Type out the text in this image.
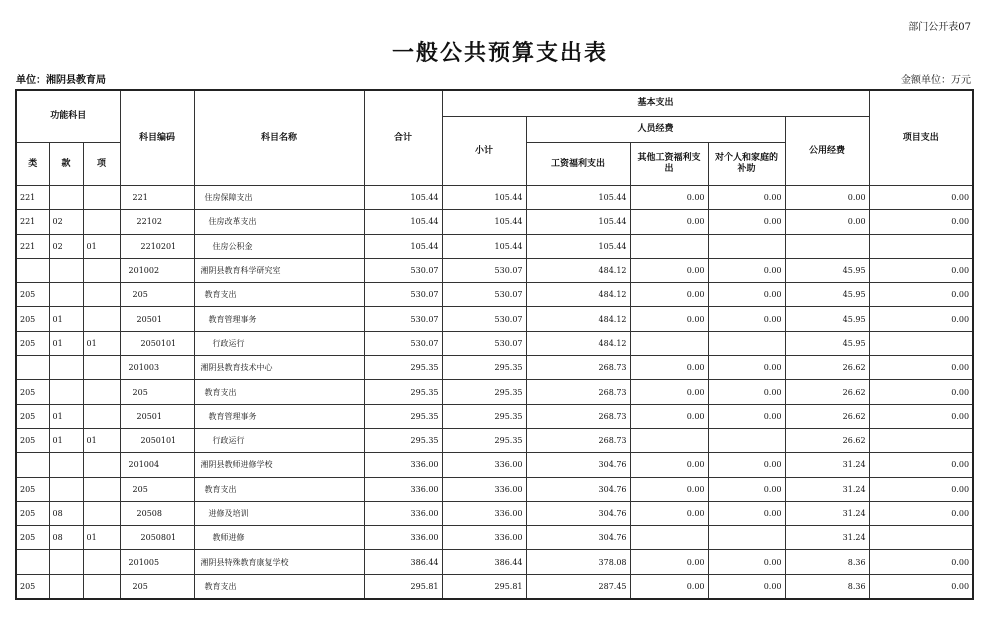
部门公开表07
一般公共预算支出表
单位：湘阴县教育局	金额单位：万元
功能科目			科目编码	科目名称	合计	基本支出					项目支出
						小计	人员经费			公用经费	
类	款	项					工资福利支出	其他工资福利支出	对个人和家庭的补助		
221			221	住房保障支出	105.44	105.44	105.44	0.00	0.00	0.00	0.00
221	02		22102	住房改革支出	105.44	105.44	105.44	0.00	0.00	0.00	0.00
221	02	01	2210201	住房公积金	105.44	105.44	105.44				
			201002	湘阴县教育科学研究室	530.07	530.07	484.12	0.00	0.00	45.95	0.00
205			205	教育支出	530.07	530.07	484.12	0.00	0.00	45.95	0.00
205	01		20501	教育管理事务	530.07	530.07	484.12	0.00	0.00	45.95	0.00
205	01	01	2050101	行政运行	530.07	530.07	484.12			45.95	
			201003	湘阴县教育技术中心	295.35	295.35	268.73	0.00	0.00	26.62	0.00
205			205	教育支出	295.35	295.35	268.73	0.00	0.00	26.62	0.00
205	01		20501	教育管理事务	295.35	295.35	268.73	0.00	0.00	26.62	0.00
205	01	01	2050101	行政运行	295.35	295.35	268.73			26.62	
			201004	湘阴县教师进修学校	336.00	336.00	304.76	0.00	0.00	31.24	0.00
205			205	教育支出	336.00	336.00	304.76	0.00	0.00	31.24	0.00
205	08		20508	进修及培训	336.00	336.00	304.76	0.00	0.00	31.24	0.00
205	08	01	2050801	教师进修	336.00	336.00	304.76			31.24	
			201005	湘阴县特殊教育康复学校	386.44	386.44	378.08	0.00	0.00	8.36	0.00
205			205	教育支出	295.81	295.81	287.45	0.00	0.00	8.36	0.00
